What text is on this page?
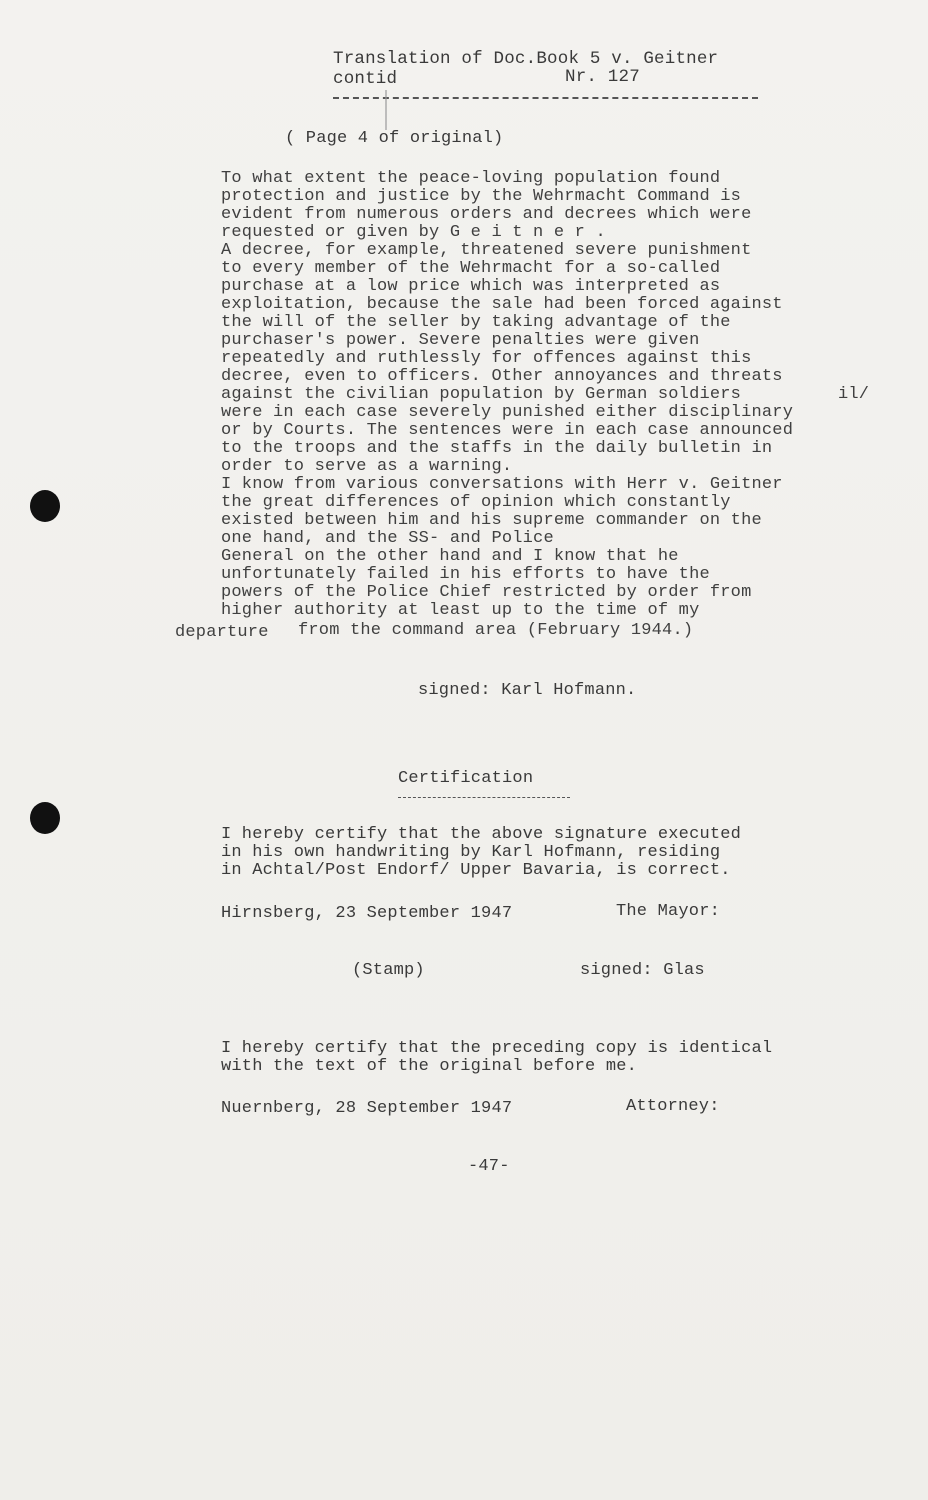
Translation of Doc.Book 5 v. Geitner
contid	Nr. 127
( Page 4 of original)
To what extent the peace-loving population found
protection and justice by the Wehrmacht Command is
evident from numerous orders and decrees which were
requested or given by G e i t n e r .
A decree, for example, threatened severe punishment
to every member of the Wehrmacht for a so-called
purchase at a low price which was interpreted as
exploitation, because the sale had been forced against
the will of the seller by taking advantage of the
purchaser's power. Severe penalties were given
repeatedly and ruthlessly for offences against this
decree, even to officers. Other annoyances and threats
against the civilian population by German soldiers	il/
were in each case severely punished either disciplinary
or by Courts. The sentences were in each case announced
to the troops and the staffs in the daily bulletin in
order to serve as a warning.
I know from various conversations with Herr v. Geitner
the great differences of opinion which constantly
existed between him and his supreme commander on the
one hand, and the SS- and Police
General on the other hand and I know that he
unfortunately failed in his efforts to have the
powers of the Police Chief restricted by order from
higher authority at least up to the time of my
departure from the command area (February 1944.)
signed: Karl Hofmann.
Certification
I hereby certify that the above signature executed
in his own handwriting by Karl Hofmann, residing
in Achtal/Post Endorf/ Upper Bavaria, is correct.
Hirnsberg, 23 September 1947	The Mayor:
(Stamp)	signed: Glas
I hereby certify that the preceding copy is identical
with the text of the original before me.
Nuernberg, 28 September 1947	Attorney:
-47-
